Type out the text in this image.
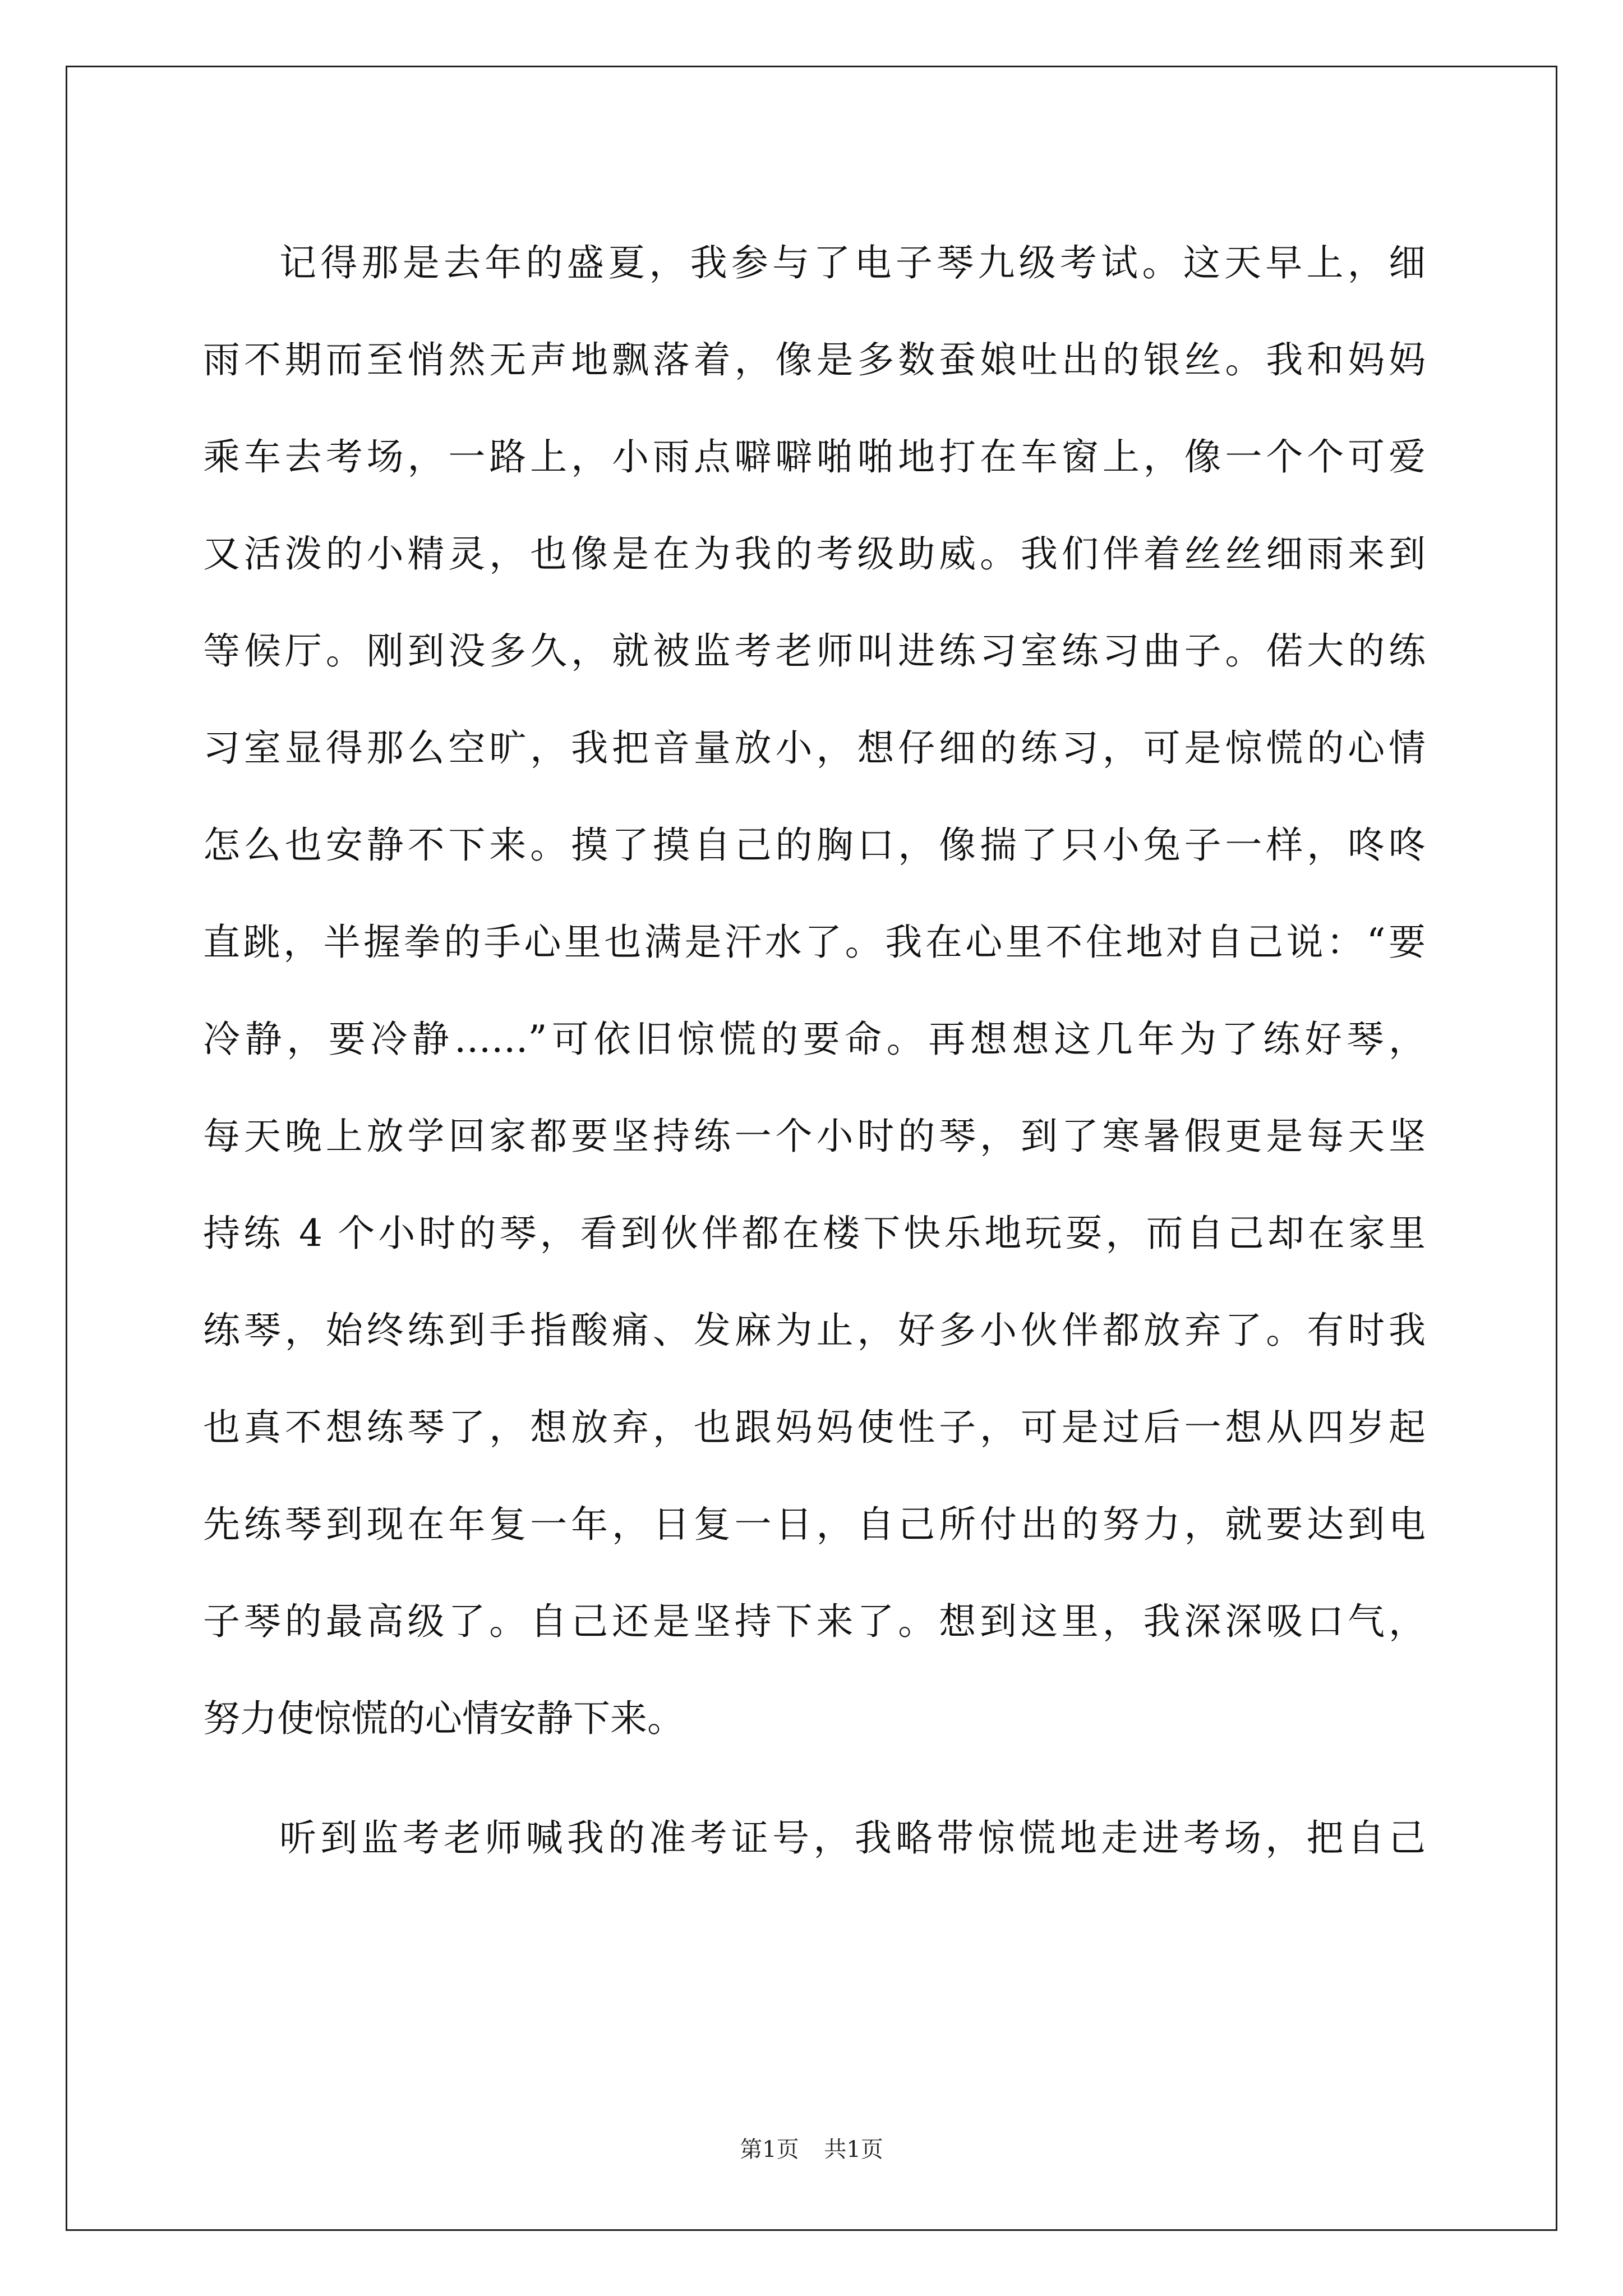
记得那是去年的盛夏，我参与了电子琴九级考试。这天早上，细
雨不期而至悄然无声地飘落着，像是多数蚕娘吐出的银丝。我和妈妈
乘车去考场，一路上，小雨点噼噼啪啪地打在车窗上，像一个个可爱
又活泼的小精灵，也像是在为我的考级助威。我们伴着丝丝细雨来到
等候厅。刚到没多久，就被监考老师叫进练习室练习曲子。偌大的练
习室显得那么空旷，我把音量放小，想仔细的练习，可是惊慌的心情
怎么也安静不下来。摸了摸自己的胸口，像揣了只小兔子一样，咚咚
直跳，半握拳的手心里也满是汗水了。我在心里不住地对自己说：“要
冷静，要冷静……”可依旧惊慌的要命。再想想这几年为了练好琴，
每天晚上放学回家都要坚持练一个小时的琴，到了寒暑假更是每天坚
持练 4 个小时的琴，看到伙伴都在楼下快乐地玩耍，而自己却在家里
练琴，始终练到手指酸痛、发麻为止，好多小伙伴都放弃了。有时我
也真不想练琴了，想放弃，也跟妈妈使性子，可是过后一想从四岁起
先练琴到现在年复一年，日复一日，自己所付出的努力，就要达到电
子琴的最高级了。自己还是坚持下来了。想到这里，我深深吸口气，
努力使惊慌的心情安静下来。
听到监考老师喊我的准考证号，我略带惊慌地走进考场，把自己
第1页 共1页
